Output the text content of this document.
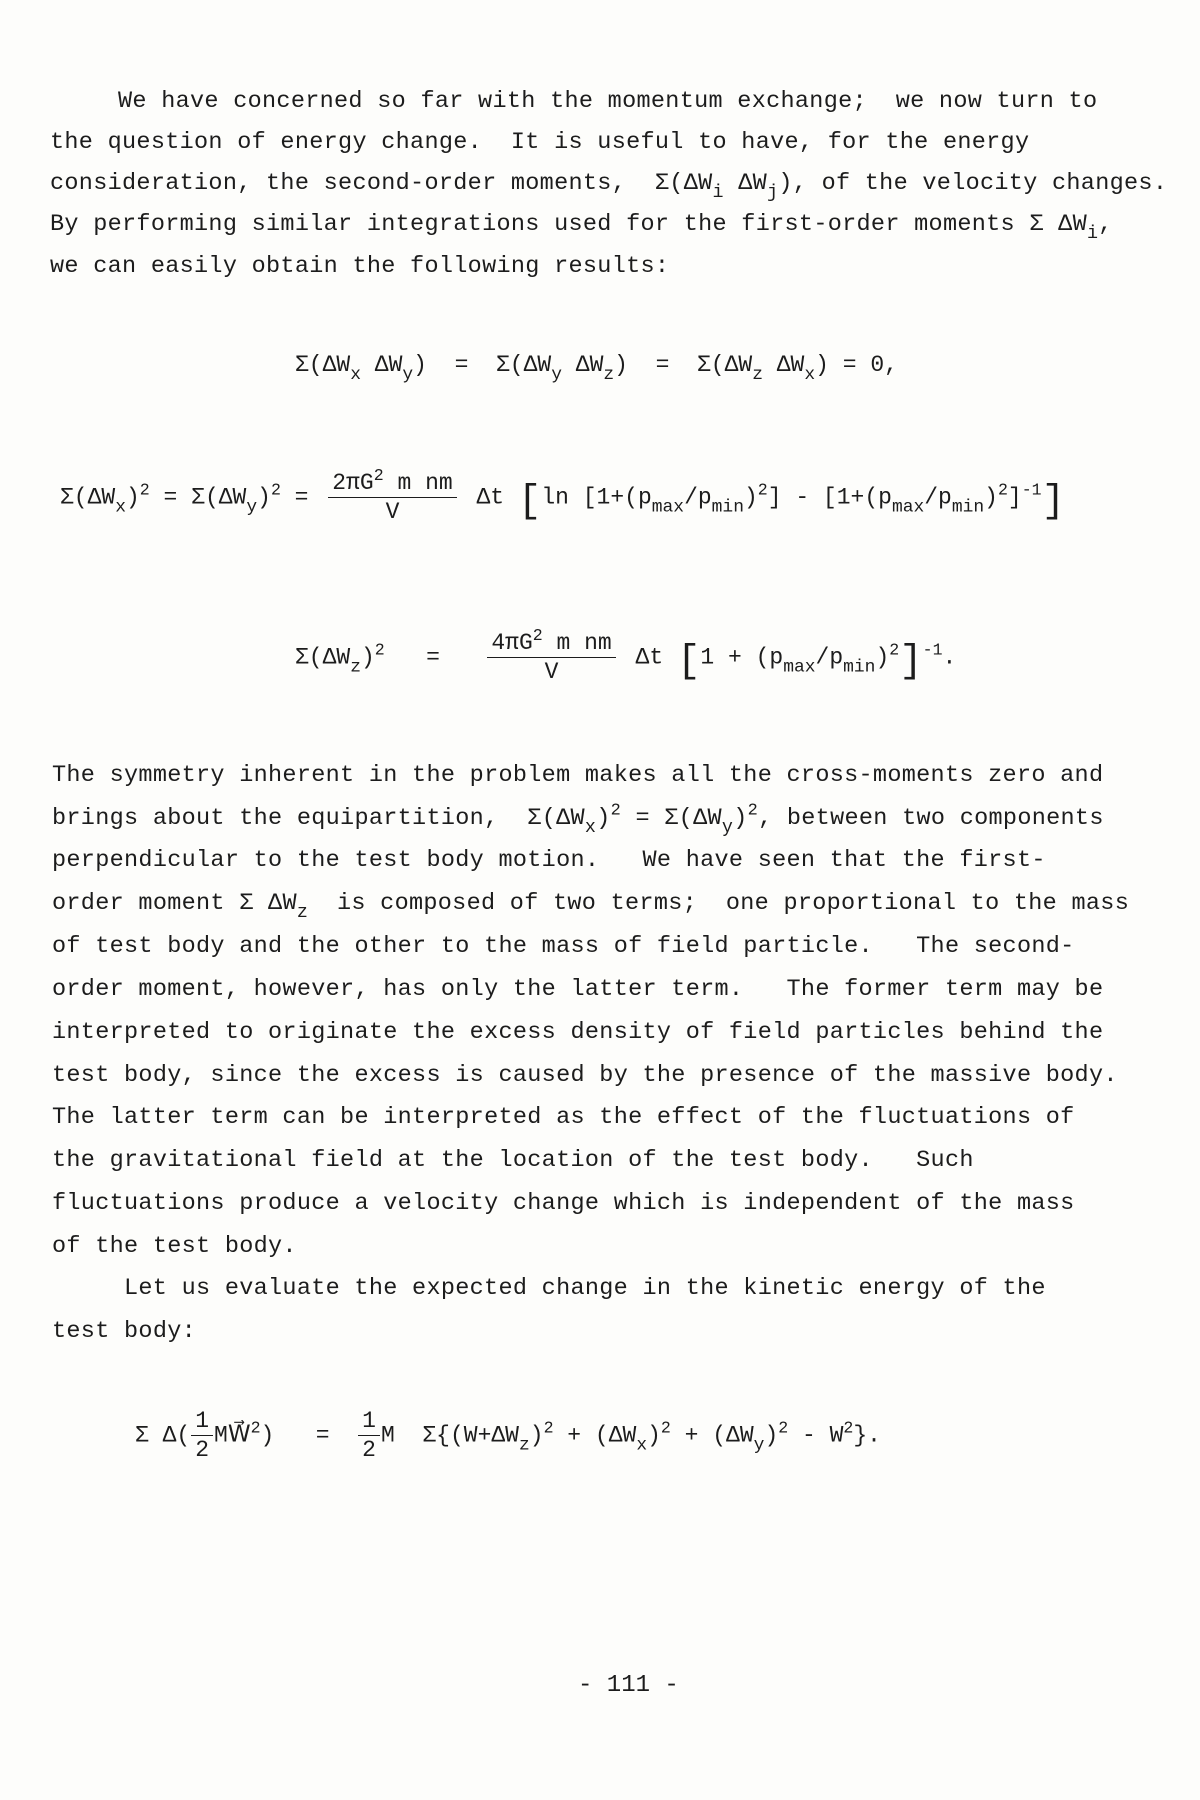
We have concerned so far with the momentum exchange;  we now turn to
the question of energy change.  It is useful to have, for the energy
consideration, the second-order moments, $\Sigma(\Delta W_i$ $\Delta W_j$), of the velocity changes.
By performing similar integrations used for the first-order moments Σ $\Delta W_i$,
we can easily obtain the following results:
$\Sigma(\Delta W_x$ $\Delta W_y) = \Sigma(\Delta W_y$ $\Delta W_z) = \Sigma(\Delta W_z$ $\Delta W_x) = 0$,
$\Sigma(\Delta W_x)^2 = \Sigma(\Delta W_y)^2 = \frac{2\pi G^2 m nm}{V}$ Δt [ln $[1+(p_{max}/p_{min})^2] - [1+(p_{max}/p_{min})^2]^{-1}$]
$\Sigma(\Delta W_z)^2 = \frac{4\pi G^2 m nm}{V}$ Δt $[1 + (p_{max}/p_{min})^2]^{-1}$.
The symmetry inherent in the problem makes all the cross-moments zero and
brings about the equipartition, $\Sigma(\Delta W_x)^2 = \Sigma(\Delta W_y)^2$, between two components
perpendicular to the test body motion.   We have seen that the first-
order moment Σ $\Delta W_z$ is composed of two terms;  one proportional to the mass
of test body and the other to the mass of field particle.   The second-
order moment, however, has only the latter term.   The former term may be
interpreted to originate the excess density of field particles behind the
test body, since the excess is caused by the presence of the massive body.
The latter term can be interpreted as the effect of the fluctuations of
the gravitational field at the location of the test body.   Such
fluctuations produce a velocity change which is independent of the mass
of the test body.
Let us evaluate the expected change in the kinetic energy of the
test body:
Σ $\Delta( \frac{1}{2}$ MW⃗$^2$)   = $\frac{1}{2}$ M  $\Sigma\{(W+\Delta W_z)^2 + (\Delta W_x)^2 + (\Delta W_y)^2 - W^2\}$.
- 111 -
